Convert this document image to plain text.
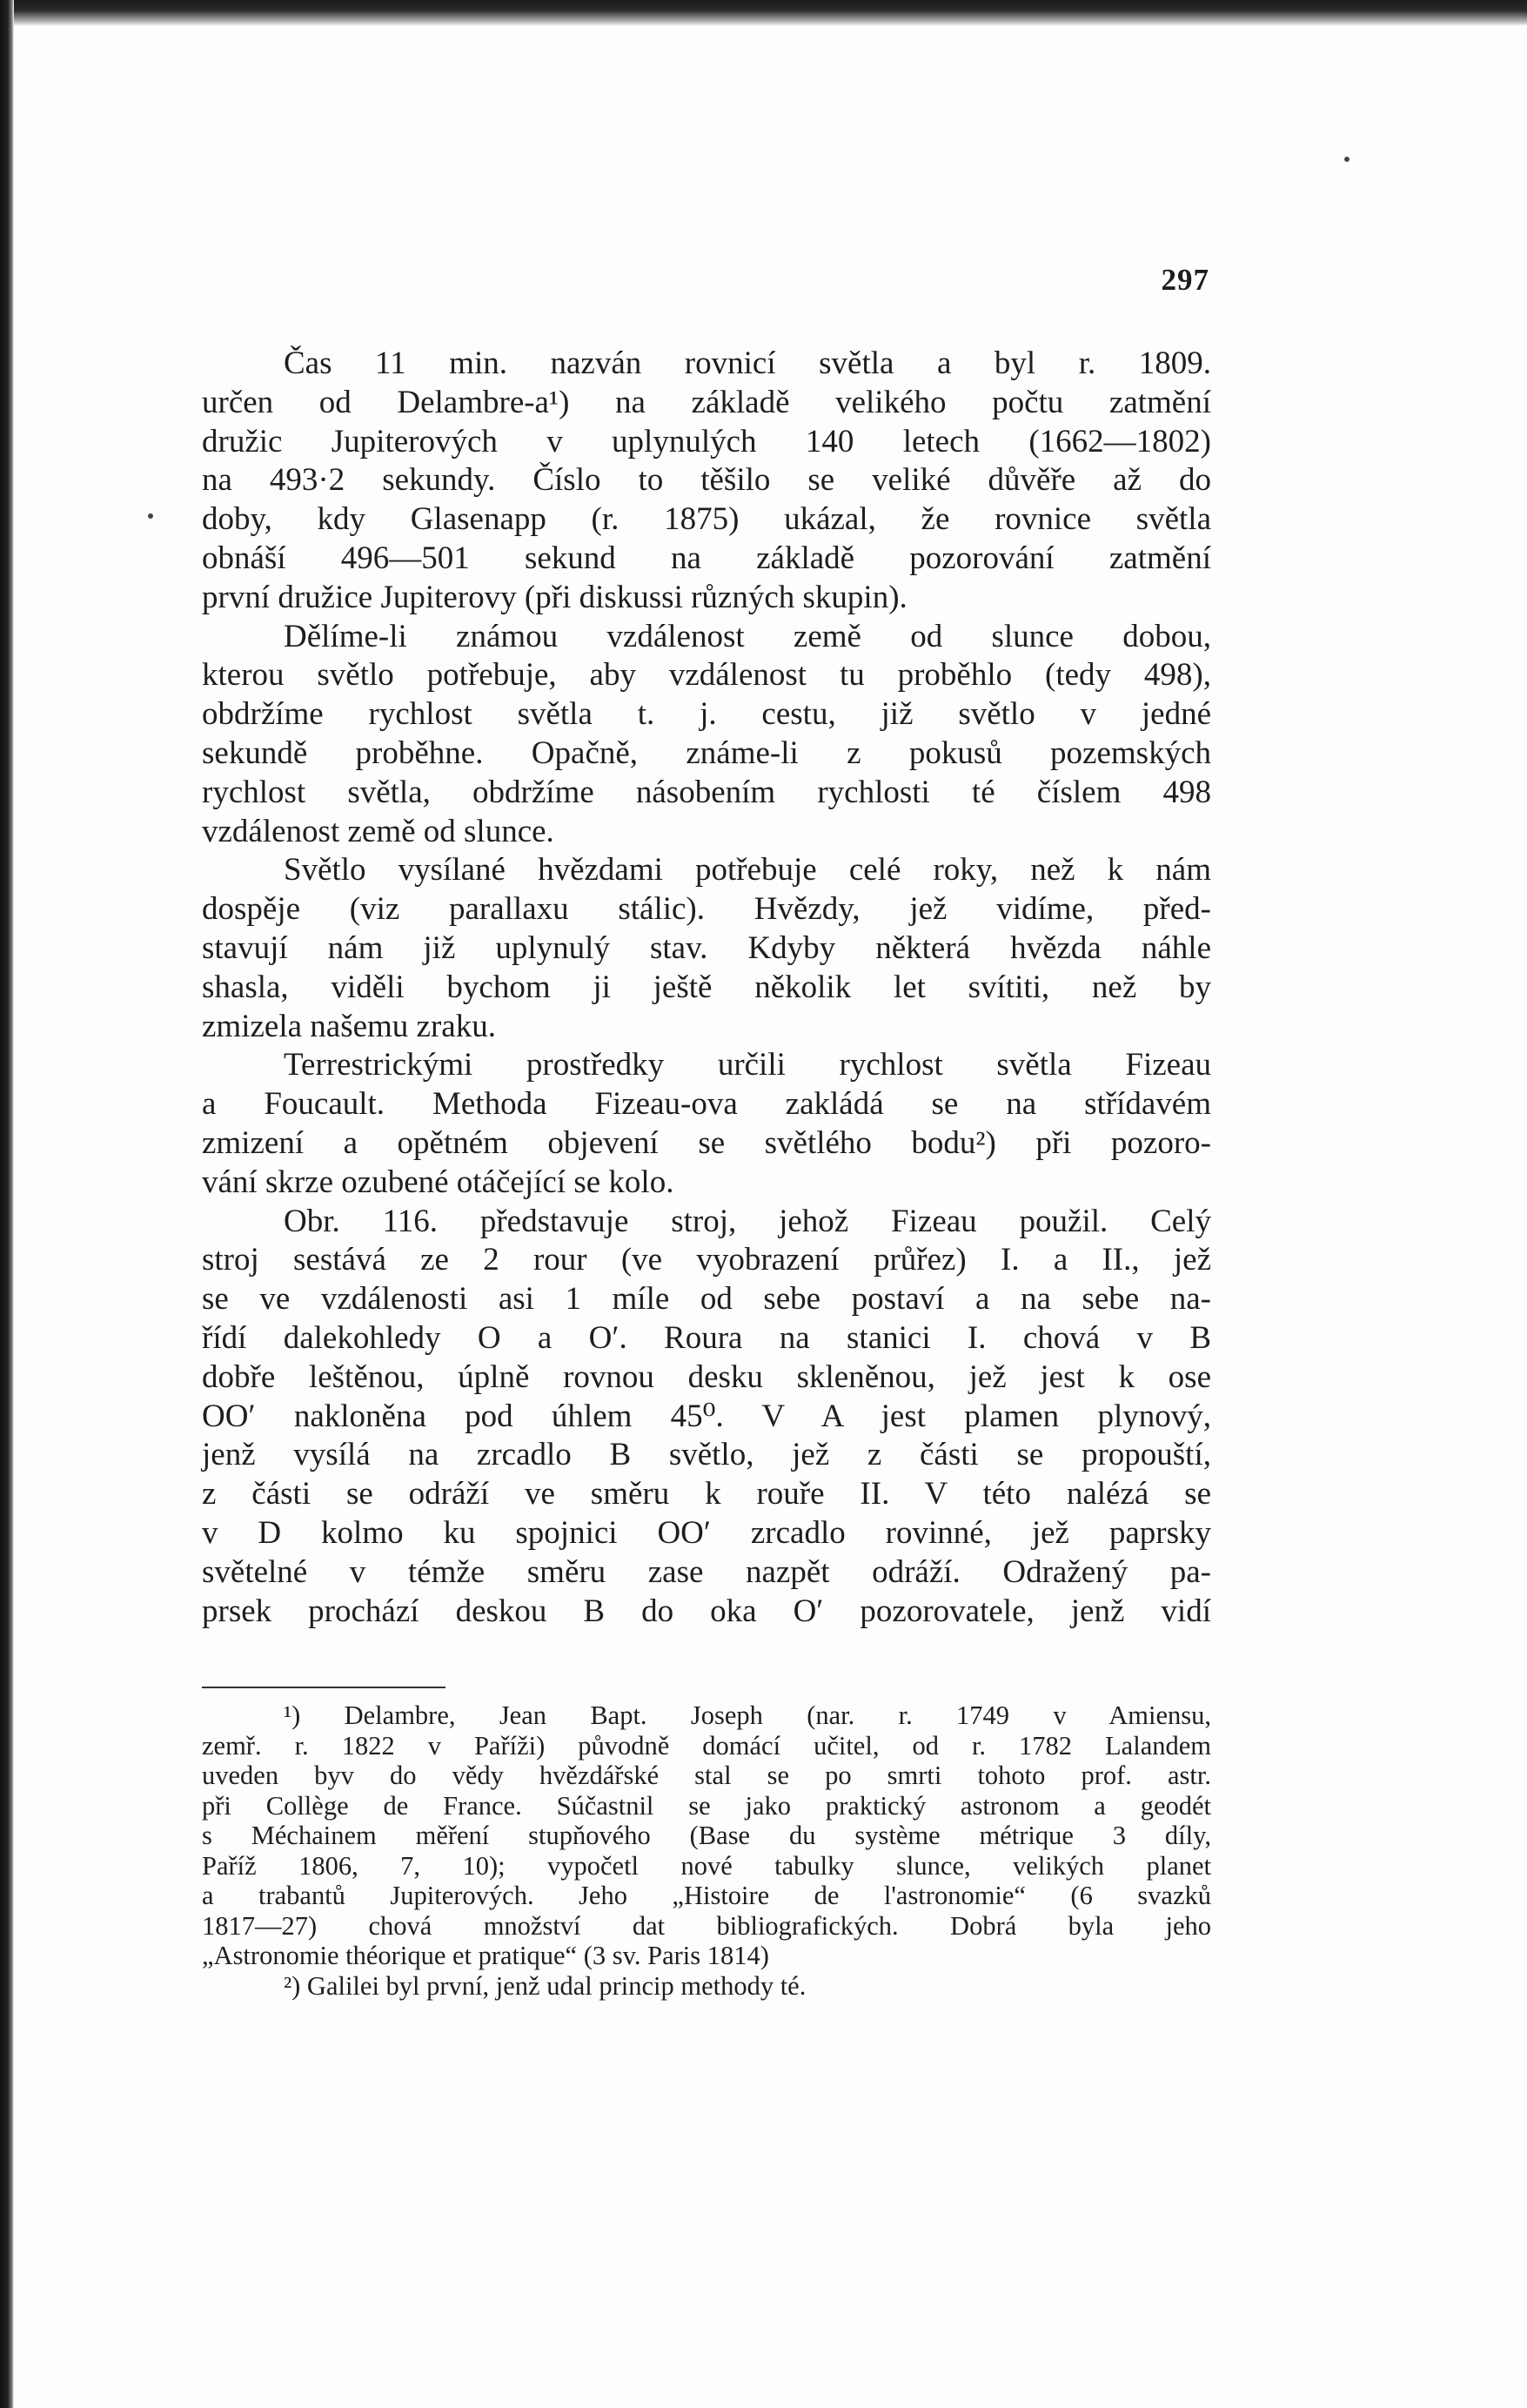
297
Čas 11 min. nazván rovnicí světla a byl r. 1809.
určen od Delambre-a¹) na základě velikého počtu zatmění
družic Jupiterových v uplynulých 140 letech (1662—1802)
na 493·2 sekundy. Číslo to těšilo se veliké důvěře až do
doby, kdy Glasenapp (r. 1875) ukázal, že rovnice světla
obnáší 496—501 sekund na základě pozorování zatmění
první družice Jupiterovy (při diskussi různých skupin).
Dělíme-li známou vzdálenost země od slunce dobou,
kterou světlo potřebuje, aby vzdálenost tu proběhlo (tedy 498),
obdržíme rychlost světla t. j. cestu, již světlo v jedné
sekundě proběhne. Opačně, známe-li z pokusů pozemských
rychlost světla, obdržíme násobením rychlosti té číslem 498
vzdálenost země od slunce.
Světlo vysílané hvězdami potřebuje celé roky, než k nám
dospěje (viz parallaxu stálic). Hvězdy, jež vidíme, před-
stavují nám již uplynulý stav. Kdyby některá hvězda náhle
shasla, viděli bychom ji ještě několik let svítiti, než by
zmizela našemu zraku.
Terrestrickými prostředky určili rychlost světla Fizeau
a Foucault. Methoda Fizeau-ova zakládá se na střídavém
zmizení a opětném objevení se světlého bodu²) při pozoro-
vání skrze ozubené otáčející se kolo.
Obr. 116. představuje stroj, jehož Fizeau použil. Celý
stroj sestává ze 2 rour (ve vyobrazení průřez) I. a II., jež
se ve vzdálenosti asi 1 míle od sebe postaví a na sebe na-
řídí dalekohledy O a O′. Roura na stanici I. chová v B
dobře leštěnou, úplně rovnou desku skleněnou, jež jest k ose
OO′ nakloněna pod úhlem 45⁰. V A jest plamen plynový,
jenž vysílá na zrcadlo B světlo, jež z části se propouští,
z části se odráží ve směru k rouře II. V této nalézá se
v D kolmo ku spojnici OO′ zrcadlo rovinné, jež paprsky
světelné v témže směru zase nazpět odráží. Odražený pa-
prsek prochází deskou B do oka O′ pozorovatele, jenž vidí
¹) Delambre, Jean Bapt. Joseph (nar. r. 1749 v Amiensu,
zemř. r. 1822 v Paříži) původně domácí učitel, od r. 1782 Lalandem
uveden byv do vědy hvězdářské stal se po smrti tohoto prof. astr.
při Collège de France. Súčastnil se jako praktický astronom a geodét
s Méchainem měření stupňového (Base du système métrique 3 díly,
Paříž 1806, 7, 10); vypočetl nové tabulky slunce, velikých planet
a trabantů Jupiterových. Jeho „Histoire de l'astronomie“ (6 svazků
1817—27) chová množství dat bibliografických. Dobrá byla jeho
„Astronomie théorique et pratique“ (3 sv. Paris 1814)
²) Galilei byl první, jenž udal princip methody té.
